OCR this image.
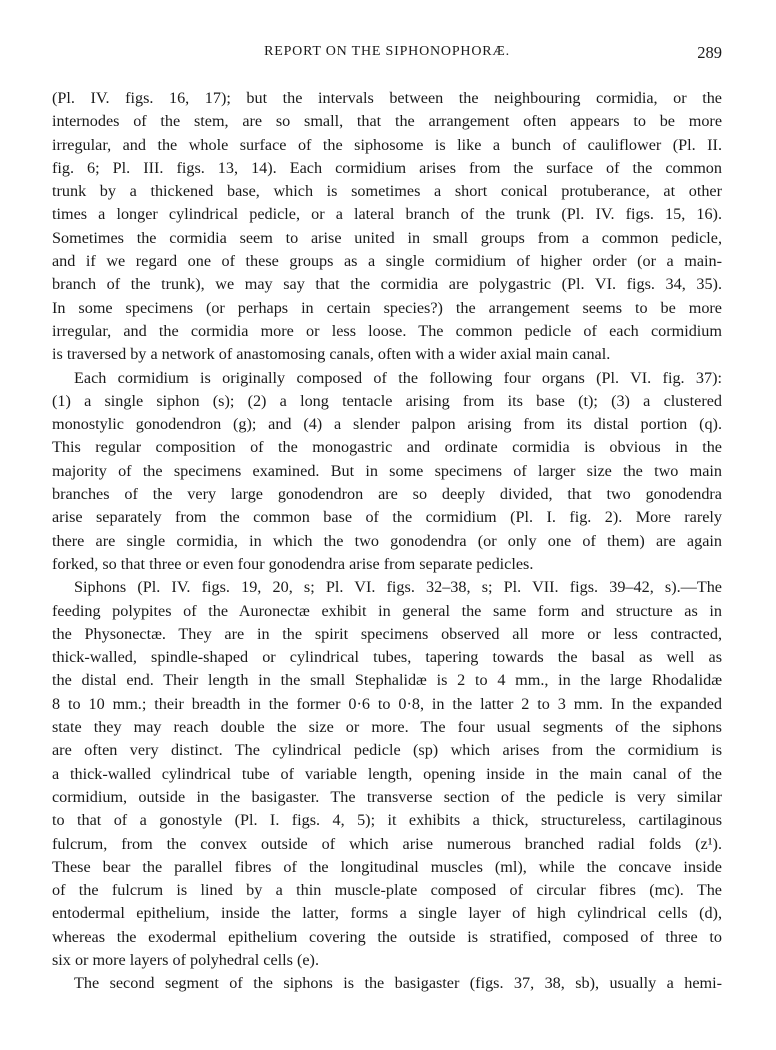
REPORT ON THE SIPHONOPHORÆ.	289
(Pl. IV. figs. 16, 17); but the intervals between the neighbouring cormidia, or the
internodes of the stem, are so small, that the arrangement often appears to be more
irregular, and the whole surface of the siphosome is like a bunch of cauliflower (Pl. II.
fig. 6; Pl. III. figs. 13, 14). Each cormidium arises from the surface of the common
trunk by a thickened base, which is sometimes a short conical protuberance, at other
times a longer cylindrical pedicle, or a lateral branch of the trunk (Pl. IV. figs. 15, 16).
Sometimes the cormidia seem to arise united in small groups from a common pedicle,
and if we regard one of these groups as a single cormidium of higher order (or a main-
branch of the trunk), we may say that the cormidia are polygastric (Pl. VI. figs. 34, 35).
In some specimens (or perhaps in certain species?) the arrangement seems to be more
irregular, and the cormidia more or less loose. The common pedicle of each cormidium
is traversed by a network of anastomosing canals, often with a wider axial main canal.
Each cormidium is originally composed of the following four organs (Pl. VI. fig. 37):
(1) a single siphon (s); (2) a long tentacle arising from its base (t); (3) a clustered
monostylic gonodendron (g); and (4) a slender palpon arising from its distal portion (q).
This regular composition of the monogastric and ordinate cormidia is obvious in the
majority of the specimens examined. But in some specimens of larger size the two main
branches of the very large gonodendron are so deeply divided, that two gonodendra
arise separately from the common base of the cormidium (Pl. I. fig. 2). More rarely
there are single cormidia, in which the two gonodendra (or only one of them) are again
forked, so that three or even four gonodendra arise from separate pedicles.
Siphons (Pl. IV. figs. 19, 20, s; Pl. VI. figs. 32–38, s; Pl. VII. figs. 39–42, s).—The
feeding polypites of the Auronectæ exhibit in general the same form and structure as in
the Physonectæ. They are in the spirit specimens observed all more or less contracted,
thick-walled, spindle-shaped or cylindrical tubes, tapering towards the basal as well as
the distal end. Their length in the small Stephalidæ is 2 to 4 mm., in the large Rhodalidæ
8 to 10 mm.; their breadth in the former 0·6 to 0·8, in the latter 2 to 3 mm. In the expanded
state they may reach double the size or more. The four usual segments of the siphons
are often very distinct. The cylindrical pedicle (sp) which arises from the cormidium is
a thick-walled cylindrical tube of variable length, opening inside in the main canal of the
cormidium, outside in the basigaster. The transverse section of the pedicle is very similar
to that of a gonostyle (Pl. I. figs. 4, 5); it exhibits a thick, structureless, cartilaginous
fulcrum, from the convex outside of which arise numerous branched radial folds (z¹).
These bear the parallel fibres of the longitudinal muscles (ml), while the concave inside
of the fulcrum is lined by a thin muscle-plate composed of circular fibres (mc). The
entodermal epithelium, inside the latter, forms a single layer of high cylindrical cells (d),
whereas the exodermal epithelium covering the outside is stratified, composed of three to
six or more layers of polyhedral cells (e).
The second segment of the siphons is the basigaster (figs. 37, 38, sb), usually a hemi-
